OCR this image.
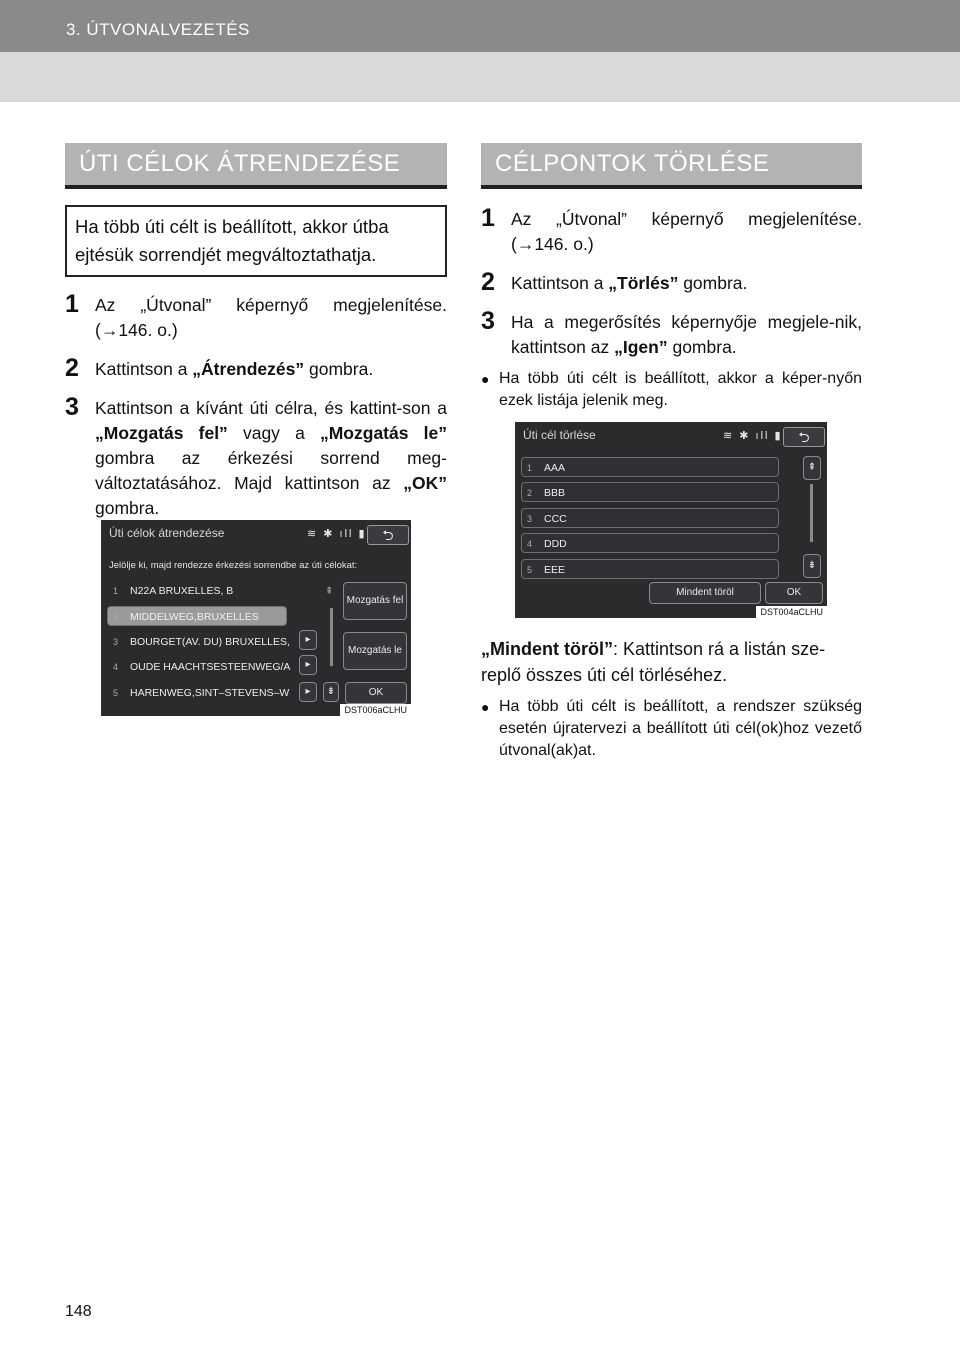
3. ÚTVONALVEZETÉS
ÚTI CÉLOK ÁTRENDEZÉSE
Ha több úti célt is beállított, akkor útba ejtésük sorrendjét megváltoztathatja.
1 Az „Útvonal” képernyő megjelenítése. (→146. o.)
2 Kattintson a „Átrendezés” gombra.
3 Kattintson a kívánt úti célra, és kattint-son a „Mozgatás fel” vagy a „Mozgatás le” gombra az érkezési sorrend meg-változtatásához. Majd kattintson az „OK” gombra.
Úti célok átrendezése	≋ ✱ ıll ▮	⮌
Jelölje ki, majd rendezze érkezési sorrendbe az úti célokat:
1 N22A BRUXELLES, B
2 MIDDELWEG,BRUXELLES
3 BOURGET(AV. DU) BRUXELLES,
4 OUDE HAACHTSESTEENWEG/A
5 HARENWEG,SINT–STEVENS–W
▸
▸
▸
⇞
⇟
Mozgatás fel
Mozgatás le
OK
DST006aCLHU
CÉLPONTOK TÖRLÉSE
1 Az „Útvonal” képernyő megjelenítése. (→146. o.)
2 Kattintson a „Törlés” gombra.
3 Ha a megerősítés képernyője megjele-nik, kattintson az „Igen” gombra.
● Ha több úti célt is beállított, akkor a képer-nyőn ezek listája jelenik meg.
Úti cél törlése	≋ ✱ ıll ▮	⮌
1 AAA
2 BBB
3 CCC
4 DDD
5 EEE
⇞
⇟
Mindent töröl	OK
DST004aCLHU
„Mindent töröl”: Kattintson rá a listán sze-replő összes úti cél törléséhez.
● Ha több úti célt is beállított, a rendszer szükség esetén újratervezi a beállított úti cél(ok)hoz vezető útvonal(ak)at.
148
